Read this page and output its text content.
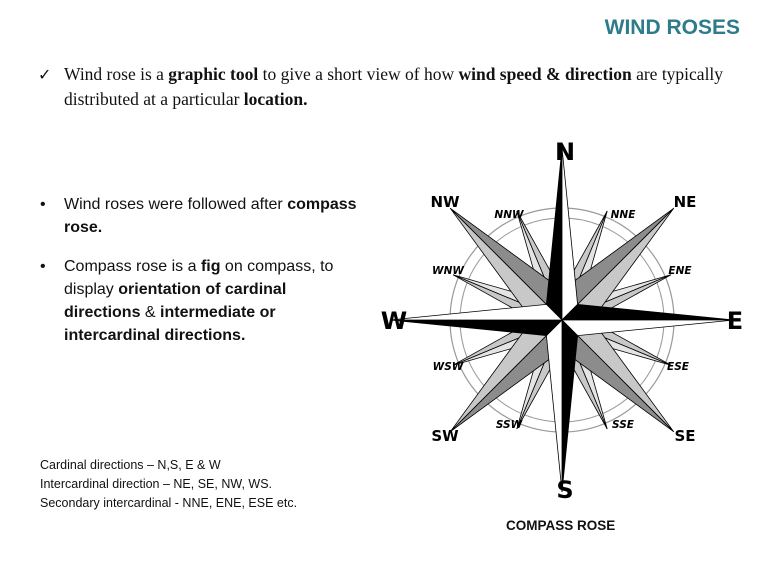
WIND ROSES
✓ Wind rose is a graphic tool to give a short view of how wind speed & direction are typically distributed at a particular location.
• Wind roses were followed after compass rose.
• Compass rose is a fig on compass, to display orientation of cardinal directions & intermediate or intercardinal directions.
Cardinal directions – N,S, E & W
Intercardinal direction – NE, SE, NW, WS.
Secondary intercardinal - NNE, ENE, ESE etc.
N
S
E
W
NE
NW
SE
SW
NNE
ENE
ESE
SSE
SSW
WSW
WNW
NNW
COMPASS ROSE
